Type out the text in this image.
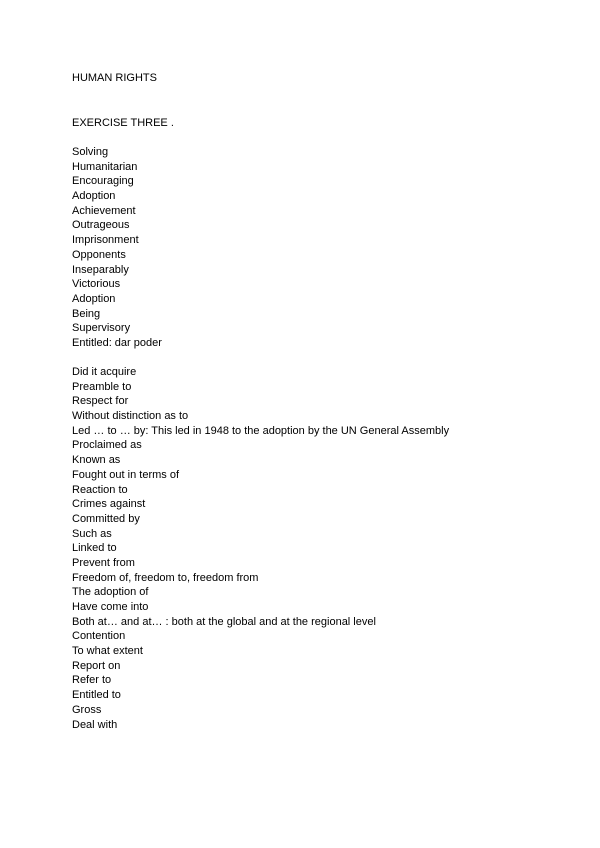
HUMAN RIGHTS
EXERCISE THREE .
Solving
Humanitarian
Encouraging
Adoption
Achievement
Outrageous
Imprisonment
Opponents
Inseparably
Victorious
Adoption
Being
Supervisory
Entitled: dar poder
Did it acquire
Preamble to
Respect for
Without distinction as to
Led … to … by: This led in 1948 to the adoption by the UN General Assembly
Proclaimed as
Known as
Fought out in terms of
Reaction to
Crimes against
Committed by
Such as
Linked to
Prevent from
Freedom of, freedom to, freedom from
The adoption of
Have come into
Both at… and at… : both at the global and at the regional level
Contention
To what extent
Report on
Refer to
Entitled to
Gross
Deal with
